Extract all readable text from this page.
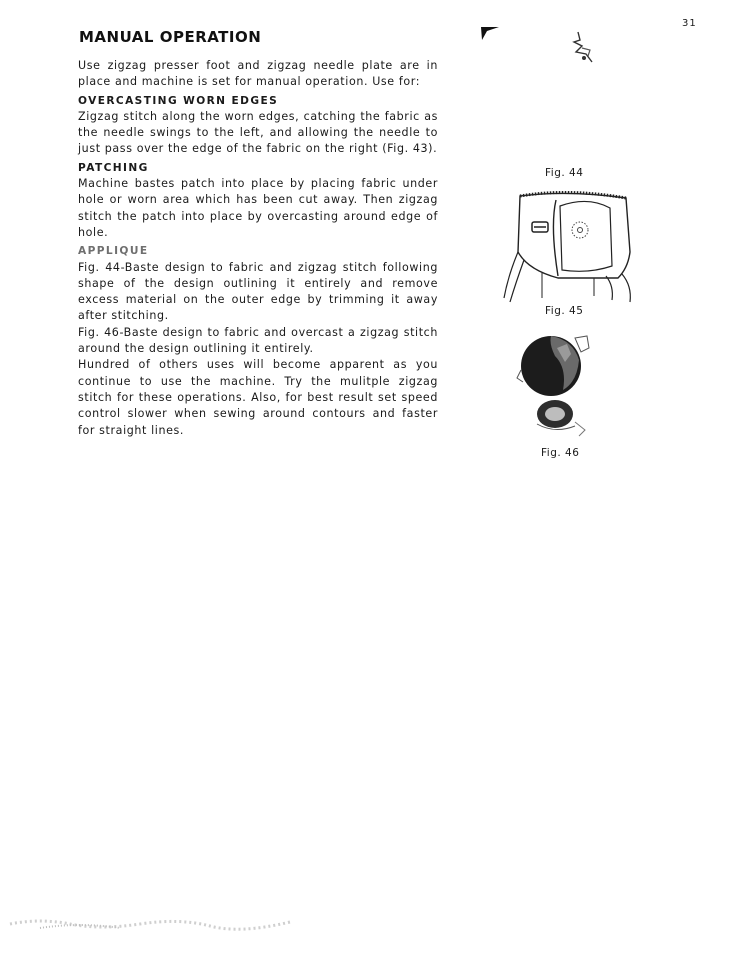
31
MANUAL OPERATION

Use zigzag presser foot and zigzag needle plate are in place and machine is set for manual operation. Use for:

OVERCASTING WORN EDGES

Zigzag stitch along the worn edges, catching the fabric as the needle swings to the left, and allowing the needle to just pass over the edge of the fabric on the right (Fig. 43).

PATCHING

Machine bastes patch into place by placing fabric under hole or worn area which has been cut away. Then zigzag stitch the patch into place by overcasting around edge of hole.

APPLIQUE

Fig. 44-Baste design to fabric and zigzag stitch following shape of the design outlining it entirely and remove excess material on the outer edge by trimming it away after stitching.

Fig. 46-Baste design to fabric and overcast a zigzag stitch around the design outlining it entirely.

Hundred of others uses will become apparent as you continue to use the machine. Try the mulitple zigzag stitch for these operations. Also, for best result set speed control slower when sewing around contours and faster for straight lines.

Fig. 44
Fig. 45
Fig. 46
